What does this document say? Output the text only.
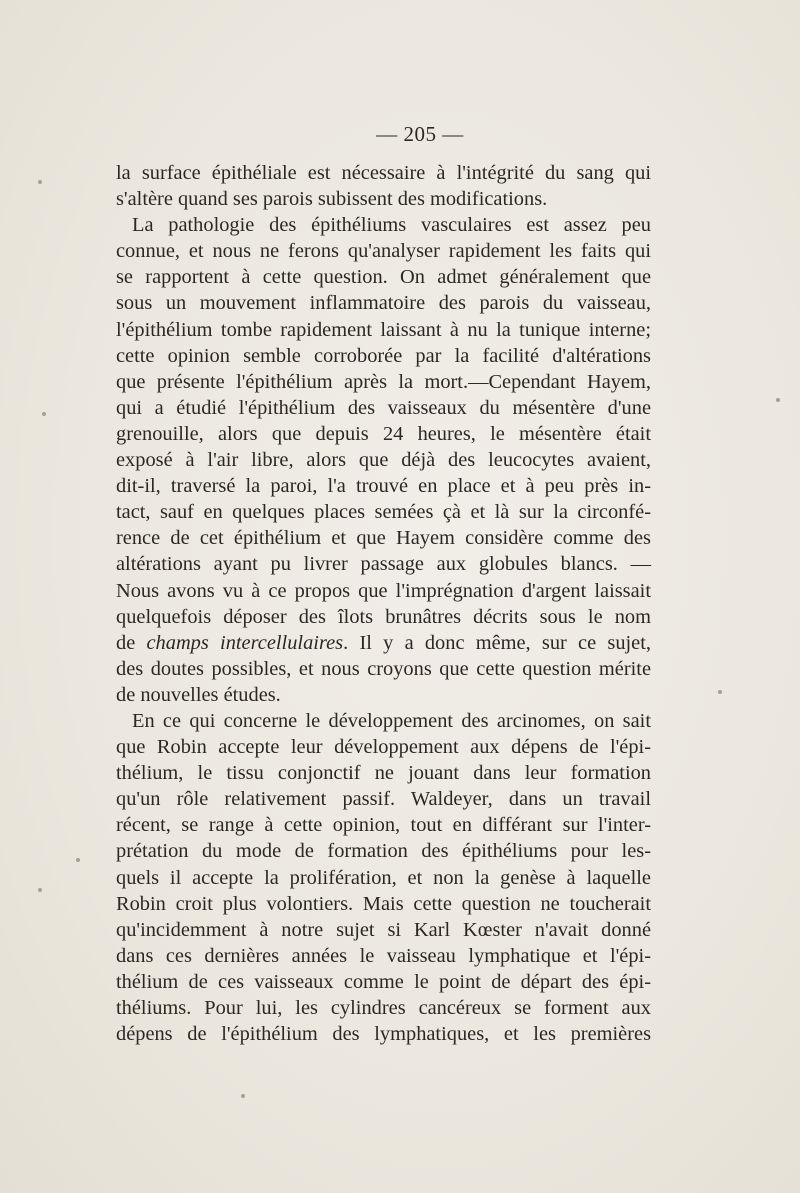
— 205 —
la surface épithéliale est nécessaire à l'intégrité du sang qui
s'altère quand ses parois subissent des modifications.
La pathologie des épithéliums vasculaires est assez peu
connue, et nous ne ferons qu'analyser rapidement les faits qui
se rapportent à cette question. On admet généralement que
sous un mouvement inflammatoire des parois du vaisseau,
l'épithélium tombe rapidement laissant à nu la tunique interne;
cette opinion semble corroborée par la facilité d'altérations
que présente l'épithélium après la mort.—Cependant Hayem,
qui a étudié l'épithélium des vaisseaux du mésentère d'une
grenouille, alors que depuis 24 heures, le mésentère était
exposé à l'air libre, alors que déjà des leucocytes avaient,
dit-il, traversé la paroi, l'a trouvé en place et à peu près in-
tact, sauf en quelques places semées çà et là sur la circonfé-
rence de cet épithélium et que Hayem considère comme des
altérations ayant pu livrer passage aux globules blancs. —
Nous avons vu à ce propos que l'imprégnation d'argent laissait
quelquefois déposer des îlots brunâtres décrits sous le nom
de champs intercellulaires. Il y a donc même, sur ce sujet,
des doutes possibles, et nous croyons que cette question mérite
de nouvelles études.
En ce qui concerne le développement des arcinomes, on sait
que Robin accepte leur développement aux dépens de l'épi-
thélium, le tissu conjonctif ne jouant dans leur formation
qu'un rôle relativement passif. Waldeyer, dans un travail
récent, se range à cette opinion, tout en différant sur l'inter-
prétation du mode de formation des épithéliums pour les-
quels il accepte la prolifération, et non la genèse à laquelle
Robin croit plus volontiers. Mais cette question ne toucherait
qu'incidemment à notre sujet si Karl Kœster n'avait donné
dans ces dernières années le vaisseau lymphatique et l'épi-
thélium de ces vaisseaux comme le point de départ des épi-
théliums. Pour lui, les cylindres cancéreux se forment aux
dépens de l'épithélium des lymphatiques, et les premières
